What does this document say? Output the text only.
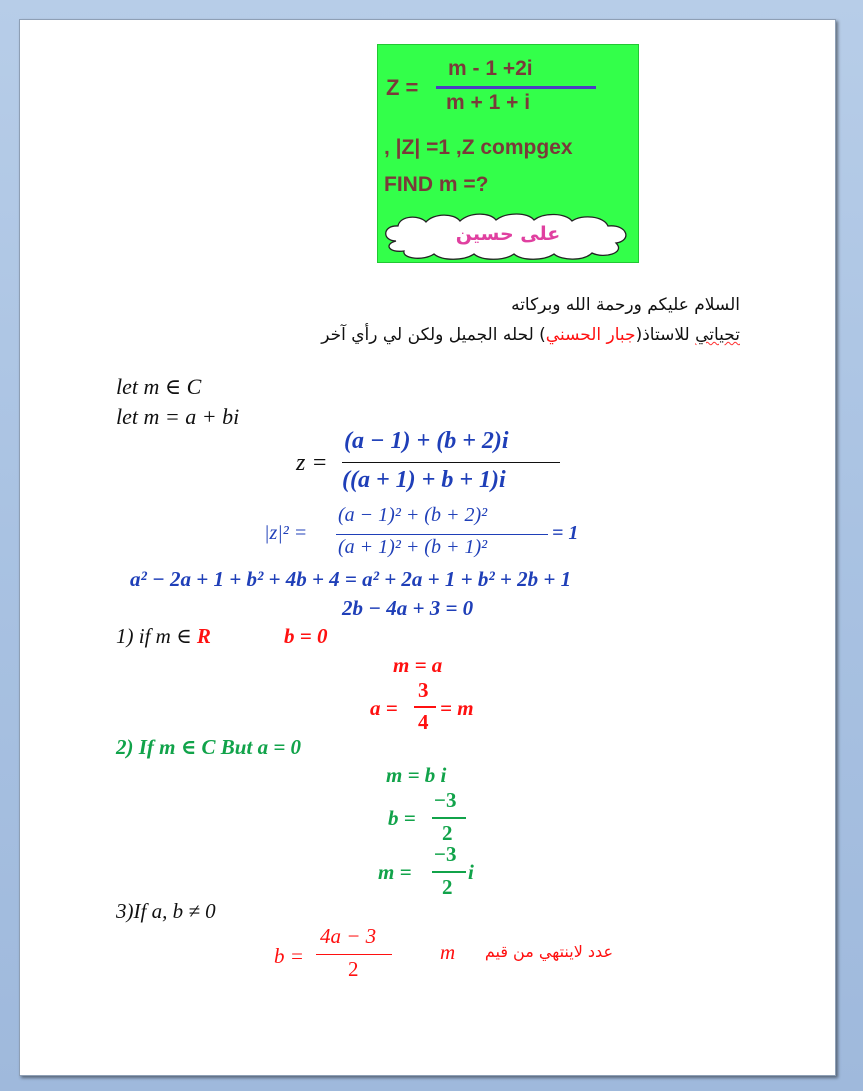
Z =
m - 1 +2i
m + 1 + i
, |Z| =1 ,Z compgex
FIND m =?
على حسين
السلام عليكم ورحمة الله وبركاته
تحياتي للاستاذ(جبار الحسني) لحله الجميل ولكن لي رأي آخر
let m ∈ C
let m = a + bi
z =
(a − 1) + (b + 2)i
((a + 1) + b + 1)i
|z|² =
(a − 1)² + (b + 2)²
(a + 1)² + (b + 1)²
= 1
a² − 2a + 1 + b² + 4b + 4 = a² + 2a + 1 + b² + 2b + 1
2b − 4a + 3 = 0
1) if m ∈ R	b = 0
m = a
a =
3
4
= m
2) If m ∈ C But a = 0
m = b i
b =
−3
2
m =
−3
2
i
3)If a, b ≠ 0
b =
4a − 3
2
m عدد لاينتهي من قيم
